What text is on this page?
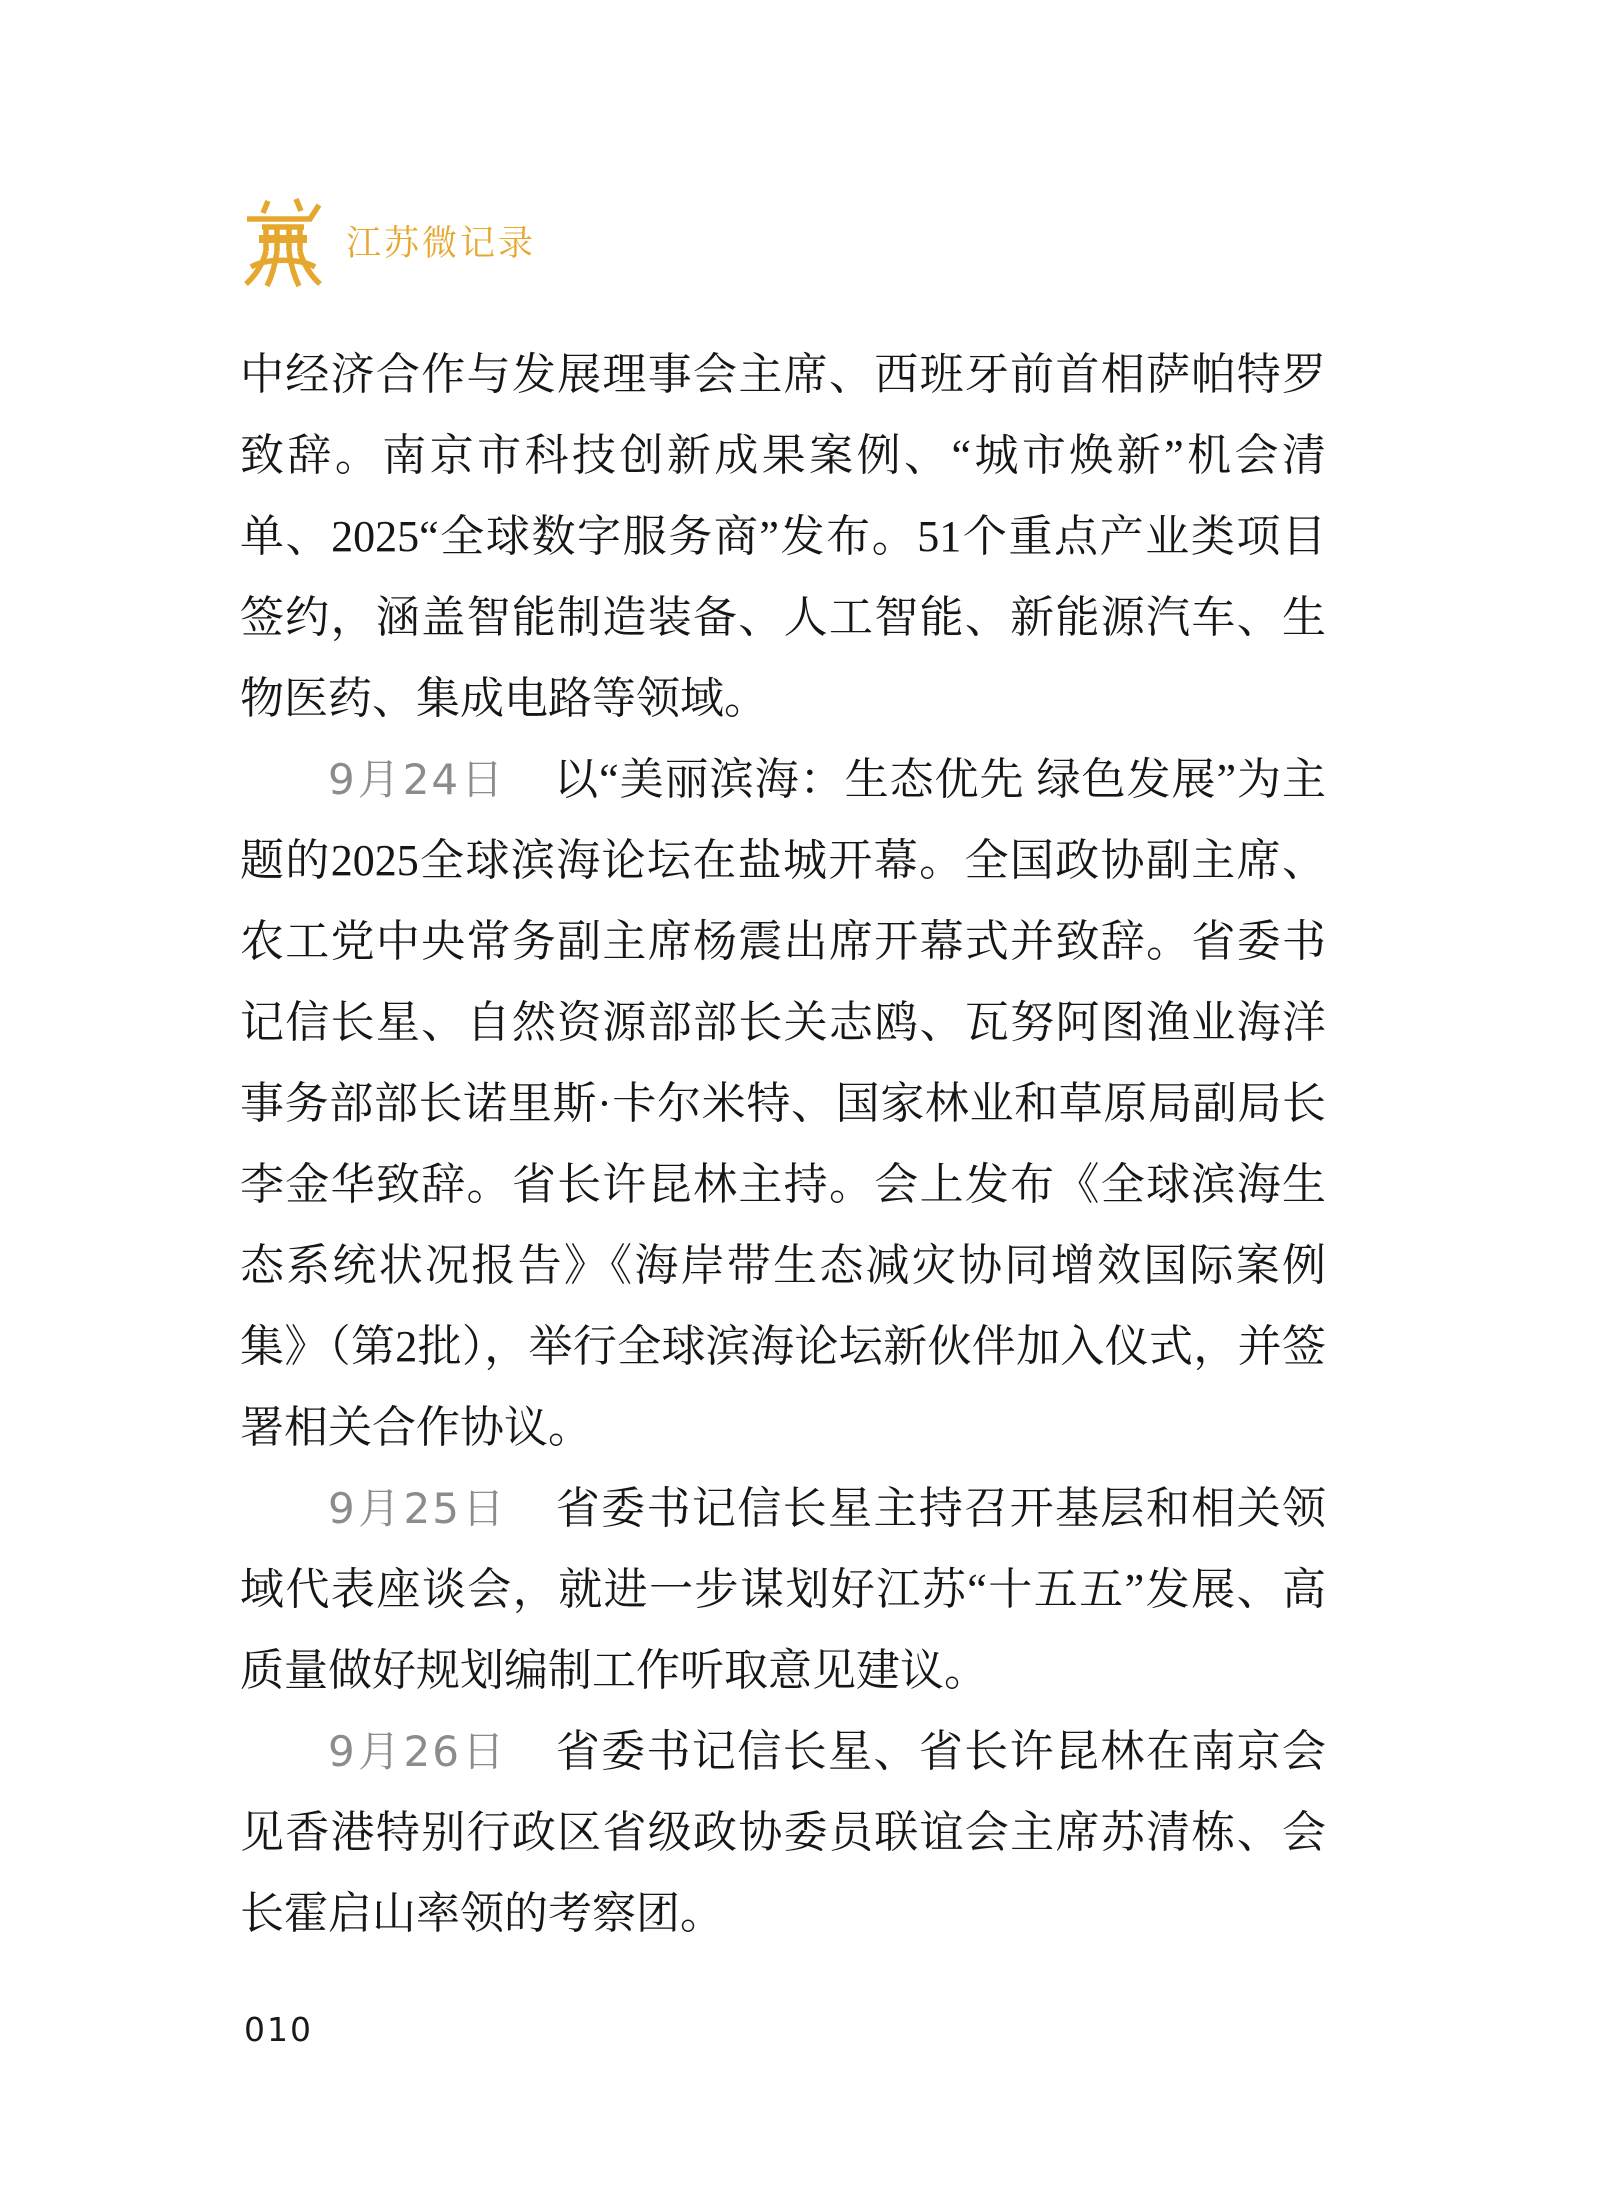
江苏微记录

中经济合作与发展理事会主席、西班牙前首相萨帕特罗致辞。南京市科技创新成果案例、“城市焕新”机会清单、2025“全球数字服务商”发布。51个重点产业类项目签约，涵盖智能制造装备、人工智能、新能源汽车、生物医药、集成电路等领域。

9月24日 以“美丽滨海：生态优先 绿色发展”为主题的2025全球滨海论坛在盐城开幕。全国政协副主席、农工党中央常务副主席杨震出席开幕式并致辞。省委书记信长星、自然资源部部长关志鸥、瓦努阿图渔业海洋事务部部长诺里斯·卡尔米特、国家林业和草原局副局长李金华致辞。省长许昆林主持。会上发布《全球滨海生态系统状况报告》《海岸带生态减灾协同增效国际案例集》（第2批），举行全球滨海论坛新伙伴加入仪式，并签署相关合作协议。

9月25日 省委书记信长星主持召开基层和相关领域代表座谈会，就进一步谋划好江苏“十五五”发展、高质量做好规划编制工作听取意见建议。

9月26日 省委书记信长星、省长许昆林在南京会见香港特别行政区省级政协委员联谊会主席苏清栋、会长霍启山率领的考察团。

010
